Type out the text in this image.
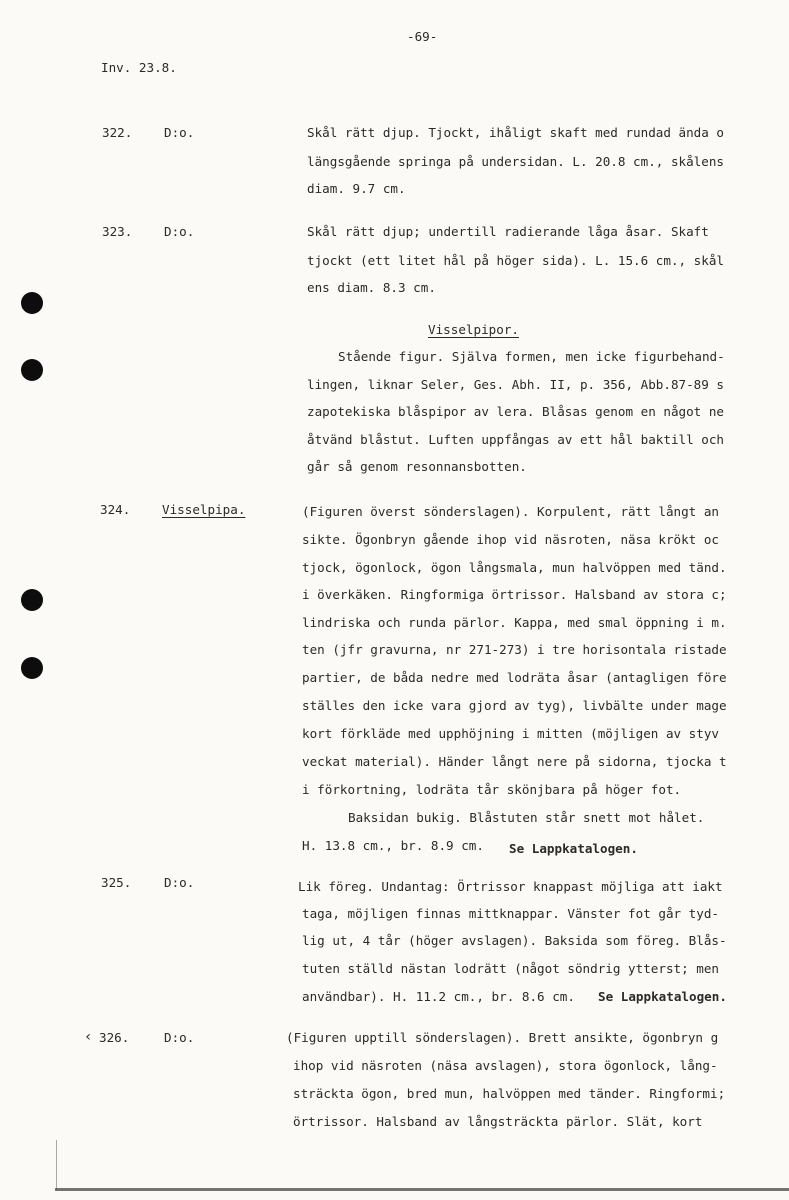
-69-
Inv. 23.8.
322.	D:o.	Skål rätt djup. Tjockt, ihåligt skaft med rundad ända o
längsgående springa på undersidan. L. 20.8 cm., skålens
diam. 9.7 cm.
323.	D:o.	Skål rätt djup; undertill radierande låga åsar. Skaft
tjockt (ett litet hål på höger sida). L. 15.6 cm., skål
ens diam. 8.3 cm.
Visselpipor.
Stående figur. Själva formen, men icke figurbehand-
lingen, liknar Seler, Ges. Abh. II, p. 356, Abb.87-89 s
zapotekiska blåspipor av lera. Blåsas genom en något ne
åtvänd blåstut. Luften uppfångas av ett hål baktill och
går så genom resonnansbotten.
324.	Visselpipa.	(Figuren överst sönderslagen). Korpulent, rätt långt an
sikte. Ögonbryn gående ihop vid näsroten, näsa krökt oc
tjock, ögonlock, ögon långsmala, mun halvöppen med tänd.
i överkäken. Ringformiga örtrissor. Halsband av stora c;
lindriska och runda pärlor. Kappa, med smal öppning i m.
ten (jfr gravurna, nr 271-273) i tre horisontala ristade
partier, de båda nedre med lodräta åsar (antagligen före
ställes den icke vara gjord av tyg), livbälte under mage
kort förkläde med upphöjning i mitten (möjligen av styv
veckat material). Händer långt nere på sidorna, tjocka t
i förkortning, lodräta tår skönjbara på höger fot.
Baksidan bukig. Blåstuten står snett mot hålet.
H. 13.8 cm., br. 8.9 cm. Se Lappkatalogen.
325.	D:o.	Lik föreg. Undantag: Örtrissor knappast möjliga att iakt
taga, möjligen finnas mittknappar. Vänster fot går tyd-
lig ut, 4 tår (höger avslagen). Baksida som föreg. Blås-
tuten ställd nästan lodrätt (något söndrig ytterst; men
användbar). H. 11.2 cm., br. 8.6 cm. Se Lappkatalogen.
‹ 326.	D:o.	(Figuren upptill sönderslagen). Brett ansikte, ögonbryn g
ihop vid näsroten (näsa avslagen), stora ögonlock, lång-
sträckta ögon, bred mun, halvöppen med tänder. Ringformi;
örtrissor. Halsband av långsträckta pärlor. Slät, kort
